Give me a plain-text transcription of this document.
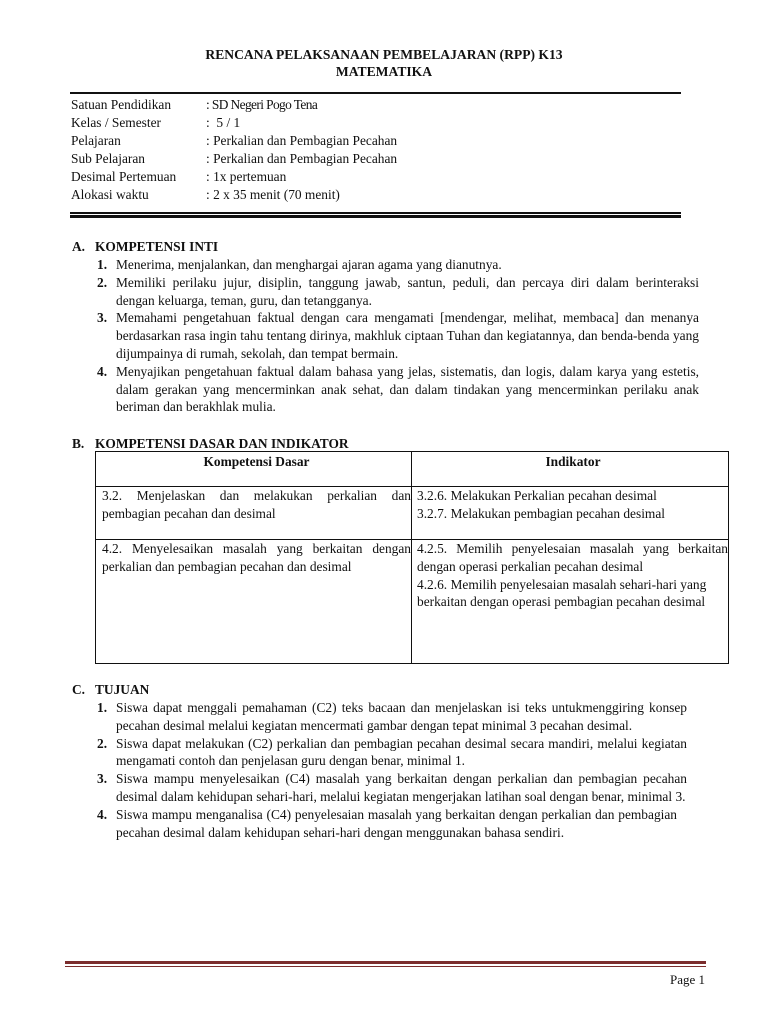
RENCANA PELAKSANAAN PEMBELAJARAN (RPP) K13
MATEMATIKA
Satuan Pendidikan	: SD Negeri Pogo Tena
Kelas / Semester	:  5 / 1
Pelajaran	: Perkalian dan Pembagian Pecahan
Sub Pelajaran	: Perkalian dan Pembagian Pecahan
Desimal Pertemuan : 1x pertemuan
Alokasi waktu	: 2 x 35 menit (70 menit)
A. KOMPETENSI INTI
1. Menerima, menjalankan, dan menghargai ajaran agama yang dianutnya.
2. Memiliki perilaku jujur, disiplin, tanggung jawab, santun, peduli, dan percaya diri dalam berinteraksi dengan keluarga, teman, guru, dan tetangganya.
3. Memahami pengetahuan faktual dengan cara mengamati [mendengar, melihat, membaca] dan menanya berdasarkan rasa ingin tahu tentang dirinya, makhluk ciptaan Tuhan dan kegiatannya, dan benda-benda yang dijumpainya di rumah, sekolah, dan tempat bermain.
4. Menyajikan pengetahuan faktual dalam bahasa yang jelas, sistematis, dan logis, dalam karya yang estetis, dalam gerakan yang mencerminkan anak sehat, dan dalam tindakan yang mencerminkan perilaku anak beriman dan berakhlak mulia.
B. KOMPETENSI DASAR DAN INDIKATOR
Kompetensi Dasar	Indikator

3.2. Menjelaskan dan melakukan perkalian dan pembagian pecahan dan desimal	3.2.6. Melakukan Perkalian pecahan desimal
3.2.7. Melakukan pembagian pecahan desimal

4.2. Menyelesaikan masalah yang berkaitan dengan perkalian dan pembagian pecahan dan desimal	4.2.5. Memilih penyelesaian masalah yang berkaitan dengan operasi perkalian pecahan desimal
4.2.6. Memilih penyelesaian masalah sehari-hari yang berkaitan dengan operasi pembagian pecahan desimal
C. TUJUAN
1. Siswa dapat menggali pemahaman (C2) teks bacaan dan menjelaskan isi teks untukmenggiring konsep pecahan desimal melalui kegiatan mencermati gambar dengan tepat minimal 3 pecahan desimal.
2. Siswa dapat melakukan (C2) perkalian dan pembagian pecahan desimal secara mandiri, melalui kegiatan mengamati contoh dan penjelasan guru dengan benar, minimal 1.
3. Siswa mampu menyelesaikan (C4) masalah yang berkaitan dengan perkalian dan pembagian pecahan desimal dalam kehidupan sehari-hari, melalui kegiatan mengerjakan latihan soal dengan benar, minimal 3.
4. Siswa mampu menganalisa (C4) penyelesaian masalah yang berkaitan dengan perkalian dan pembagian pecahan desimal dalam kehidupan sehari-hari dengan menggunakan bahasa sendiri.
Page 1
